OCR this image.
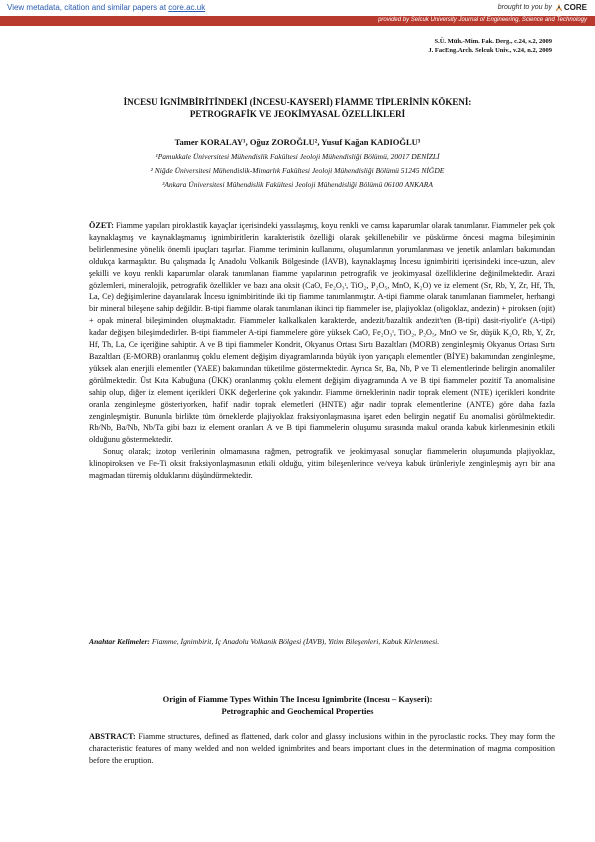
View metadata, citation and similar papers at core.ac.uk	brought to you by CORE
provided by Selcuk University Journal of Engineering, Science and Technology
S.Ü. Müh.-Mim. Fak. Derg., c.24, s.2, 2009
J. FacEng.Arch. Selcuk Univ., v.24, n.2, 2009
İNCESU İGNİMBİRİTİNDEKİ (İNCESU-KAYSERİ) FİAMME TİPLERİNİN KÖKENİ:
PETROGRAFİK VE JEOKİMYASAL ÖZELLİKLERİ
Tamer KORALAY¹, Oğuz ZOROĞLU², Yusuf Kağan KADIOĞLU³
¹Pamukkale Üniversitesi Mühendislik Fakültesi Jeoloji Mühendisliği Bölümü, 20017 DENİZLİ
² Niğde Üniversitesi Mühendislik-Mimarlık Fakültesi Jeoloji Mühendisliği Bölümü 51245 NİĞDE
³Ankara Üniversitesi Mühendislik Fakültesi Jeoloji Mühendisliği Bölümü 06100 ANKARA

ÖZET: Fiamme yapıları piroklastik kayaçlar içerisindeki yassılaşmış, koyu renkli ve camsı kaparumlar olarak tanımlanır. Fiammeler pek çok kaynaklaşmış ve kaynaklaşmamış ignimbiritlerin karakteristik özelliği olarak şekillenebilir ve püskürme öncesi magma bileşiminin belirlenmesine yönelik önemli ipuçları taşırlar. Fiamme teriminin kullanımı, oluşumlarının yorumlanması ve jenetik anlamları bakımından oldukça karmaşıktır. Bu çalışmada İç Anadolu Volkanik Bölgesinde (İAVB), kaynaklaşmış İncesu ignimbiriti içerisindeki ince-uzun, alev şekilli ve koyu renkli kaparumlar olarak tanımlanan fiamme yapılarının petrografik ve jeokimyasal özelliklerine değinilmektedir. Arazi gözlemleri, mineralojik, petrografik özellikler ve bazı ana oksit (CaO, Fe₂O₃ᵗ, TiO₂, P₂O₅, MnO, K₂O) ve iz element (Sr, Rb, Y, Zr, Hf, Th, La, Ce) değişimlerine dayanılarak İncesu ignimbiritinde iki tip fiamme tanımlanmıştır. A-tipi fiamme olarak tanımlanan fiammeler, herhangi bir mineral bileşene sahip değildir. B-tipi fiamme olarak tanımlanan ikinci tip fiammeler ise, plajiyoklaz (oligoklaz, andezin) + piroksen (ojit) + opak mineral bileşiminden oluşmaktadır. Fiammeler kalkalkalen karakterde, andezit/bazaltik andezit'ten (B-tipi) dasit-riyolit'e (A-tipi) kadar değişen bileşimdedirler. B-tipi fiammeler A-tipi fiammelere göre yüksek CaO, Fe₂O₃ᵗ, TiO₂, P₂O₅, MnO ve Sr, düşük K₂O, Rb, Y, Zr, Hf, Th, La, Ce içeriğine sahiptir. A ve B tipi fiammeler Kondrit, Okyanus Ortası Sırtı Bazaltları (MORB) zenginleşmiş Okyanus Ortası Sırtı Bazaltları (E-MORB) oranlanmış çoklu element değişim diyagramlarında büyük iyon yarıçaplı elementler (BİYE) bakımından zenginleşme, yüksek alan enerjili elementler (YAEE) bakımından tüketilme göstermektedir. Ayrıca Sr, Ba, Nb, P ve Ti elementlerinde belirgin anomaliler görülmektedir. Üst Kıta Kabuğuna (ÜKK) oranlanmış çoklu element değişim diyagramında A ve B tipi fiammeler pozitif Ta anomalisine sahip olup, diğer iz element içerikleri ÜKK değerlerine çok yakındır. Fiamme örneklerinin nadir toprak element (NTE) içerikleri kondrite oranla zenginleşme gösteriyorken, hafif nadir toprak elemetleri (HNTE) ağır nadir toprak elementlerine (ANTE) göre daha fazla zenginleşmiştir. Bununla birlikte tüm örneklerde plajiyoklaz fraksiyonlaşmasına işaret eden belirgin negatif Eu anomalisi görülmektedir. Rb/Nb, Ba/Nb, Nb/Ta gibi bazı iz element oranları A ve B tipi fiammelerin oluşumu sırasında makul oranda kabuk kirlenmesinin etkili olduğunu göstermektedir.

Sonuç olarak; izotop verilerinin olmamasına rağmen, petrografik ve jeokimyasal sonuçlar fiammelerin oluşumunda plajiyoklaz, klinopiroksen ve Fe-Ti oksit fraksiyonlaşmasının etkili olduğu, yitim bileşenlerince ve/veya kabuk ürünleriyle zenginleşmiş ayrı bir ana magmadan türemiş olduklarını düşündürmektedir.

Anahtar Kelimeler: Fiamme, İgnimbirit, İç Anadolu Volkanik Bölgesi (İAVB), Yitim Bileşenleri, Kabuk Kirlenmesi.
Origin of Fiamme Types Within The Incesu Ignimbrite (Incesu – Kayseri):
Petrographic and Geochemical Properties
ABSTRACT: Fiamme structures, defined as flattened, dark color and glassy inclusions within in the pyroclastic rocks. They may form the characteristic features of many welded and non welded ignimbrites and bears important clues in the determination of magma composition before the eruption.
